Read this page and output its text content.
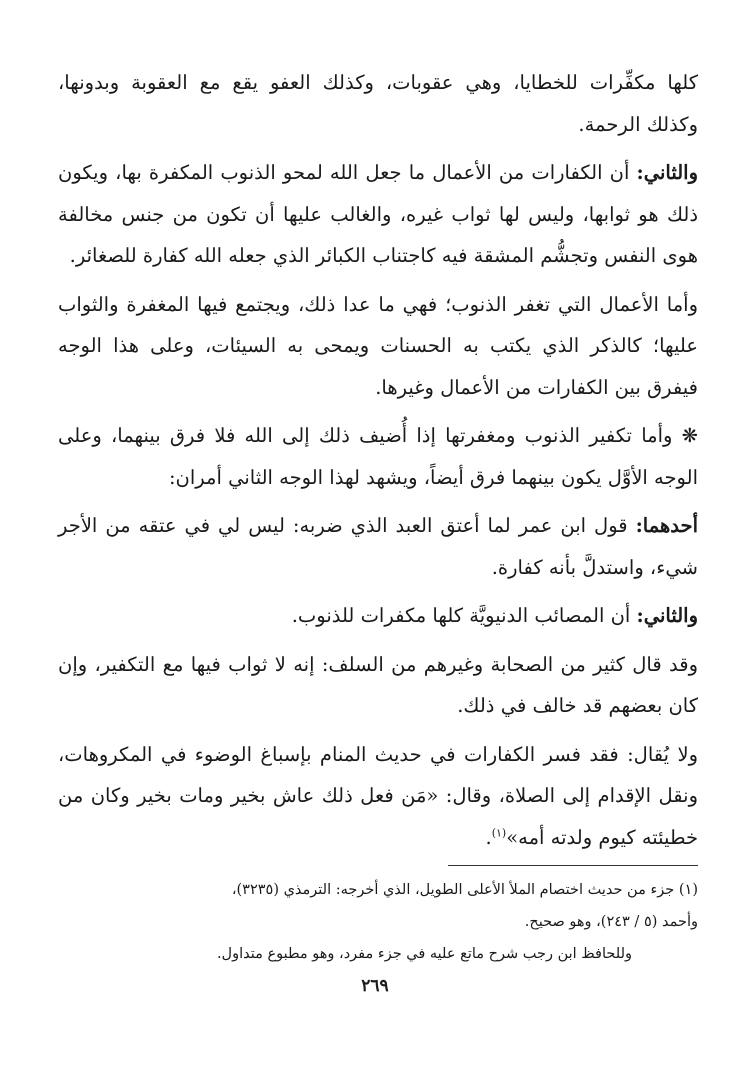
كلها مكفِّرات للخطايا، وهي عقوبات، وكذلك العفو يقع مع العقوبة وبدونها، وكذلك الرحمة.

والثاني: أن الكفارات من الأعمال ما جعل الله لمحو الذنوب المكفرة بها، ويكون ذلك هو ثوابها، وليس لها ثواب غيره، والغالب عليها أن تكون من جنس مخالفة هوى النفس وتجشُّم المشقة فيه كاجتناب الكبائر الذي جعله الله كفارة للصغائر.

وأما الأعمال التي تغفر الذنوب؛ فهي ما عدا ذلك، ويجتمع فيها المغفرة والثواب عليها؛ كالذكر الذي يكتب به الحسنات ويمحى به السيئات، وعلى هذا الوجه فيفرق بين الكفارات من الأعمال وغيرها.

❋ وأما تكفير الذنوب ومغفرتها إذا أُضيف ذلك إلى الله فلا فرق بينهما، وعلى الوجه الأوَّل يكون بينهما فرق أيضاً، ويشهد لهذا الوجه الثاني أمران:

أحدهما: قول ابن عمر لما أعتق العبد الذي ضربه: ليس لي في عتقه من الأجر شيء، واستدلَّ بأنه كفارة.

والثاني: أن المصائب الدنيويَّة كلها مكفرات للذنوب.

وقد قال كثير من الصحابة وغيرهم من السلف: إنه لا ثواب فيها مع التكفير، وإن كان بعضهم قد خالف في ذلك.

ولا يُقال: فقد فسر الكفارات في حديث المنام بإسباغ الوضوء في المكروهات، ونقل الإقدام إلى الصلاة، وقال: «مَن فعل ذلك عاش بخير ومات بخير وكان من خطيئته كيوم ولدته أمه»$^{(١)}$.

(١) جزء من حديث اختصام الملأ الأعلى الطويل، الذي أخرجه: الترمذي (٣٢٣٥)،

وأحمد (٥ / ٢٤٣)، وهو صحيح.

وللحافظ ابن رجب شرح ماتع عليه في جزء مفرد، وهو مطبوع متداول.

٢٦٩
